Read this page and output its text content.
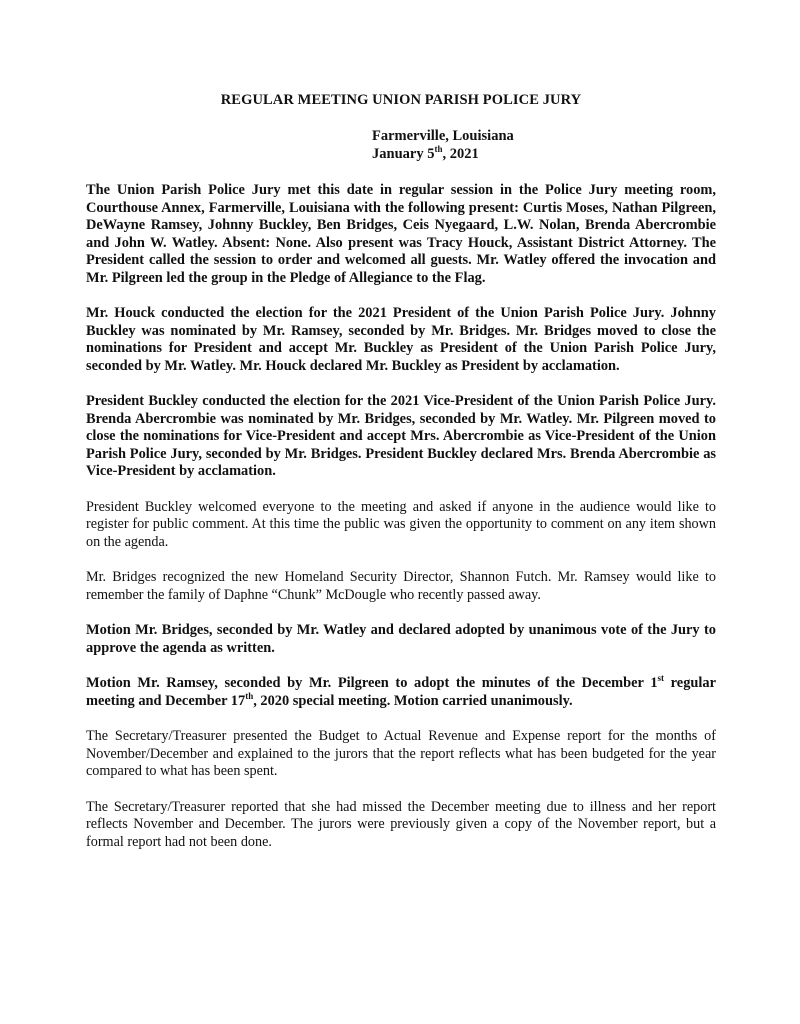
REGULAR MEETING UNION PARISH POLICE JURY
Farmerville, Louisiana
January 5th, 2021

The Union Parish Police Jury met this date in regular session in the Police Jury meeting room, Courthouse Annex, Farmerville, Louisiana with the following present: Curtis Moses, Nathan Pilgreen, DeWayne Ramsey, Johnny Buckley, Ben Bridges, Ceis Nyegaard, L.W. Nolan, Brenda Abercrombie and John W. Watley. Absent: None. Also present was Tracy Houck, Assistant District Attorney. The President called the session to order and welcomed all guests. Mr. Watley offered the invocation and Mr. Pilgreen led the group in the Pledge of Allegiance to the Flag.

Mr. Houck conducted the election for the 2021 President of the Union Parish Police Jury. Johnny Buckley was nominated by Mr. Ramsey, seconded by Mr. Bridges. Mr. Bridges moved to close the nominations for President and accept Mr. Buckley as President of the Union Parish Police Jury, seconded by Mr. Watley. Mr. Houck declared Mr. Buckley as President by acclamation.

President Buckley conducted the election for the 2021 Vice-President of the Union Parish Police Jury. Brenda Abercrombie was nominated by Mr. Bridges, seconded by Mr. Watley. Mr. Pilgreen moved to close the nominations for Vice-President and accept Mrs. Abercrombie as Vice-President of the Union Parish Police Jury, seconded by Mr. Bridges. President Buckley declared Mrs. Brenda Abercrombie as Vice-President by acclamation.

President Buckley welcomed everyone to the meeting and asked if anyone in the audience would like to register for public comment. At this time the public was given the opportunity to comment on any item shown on the agenda.

Mr. Bridges recognized the new Homeland Security Director, Shannon Futch. Mr. Ramsey would like to remember the family of Daphne “Chunk” McDougle who recently passed away.

Motion Mr. Bridges, seconded by Mr. Watley and declared adopted by unanimous vote of the Jury to approve the agenda as written.

Motion Mr. Ramsey, seconded by Mr. Pilgreen to adopt the minutes of the December 1st regular meeting and December 17th, 2020 special meeting. Motion carried unanimously.

The Secretary/Treasurer presented the Budget to Actual Revenue and Expense report for the months of November/December and explained to the jurors that the report reflects what has been budgeted for the year compared to what has been spent.

The Secretary/Treasurer reported that she had missed the December meeting due to illness and her report reflects November and December. The jurors were previously given a copy of the November report, but a formal report had not been done.
